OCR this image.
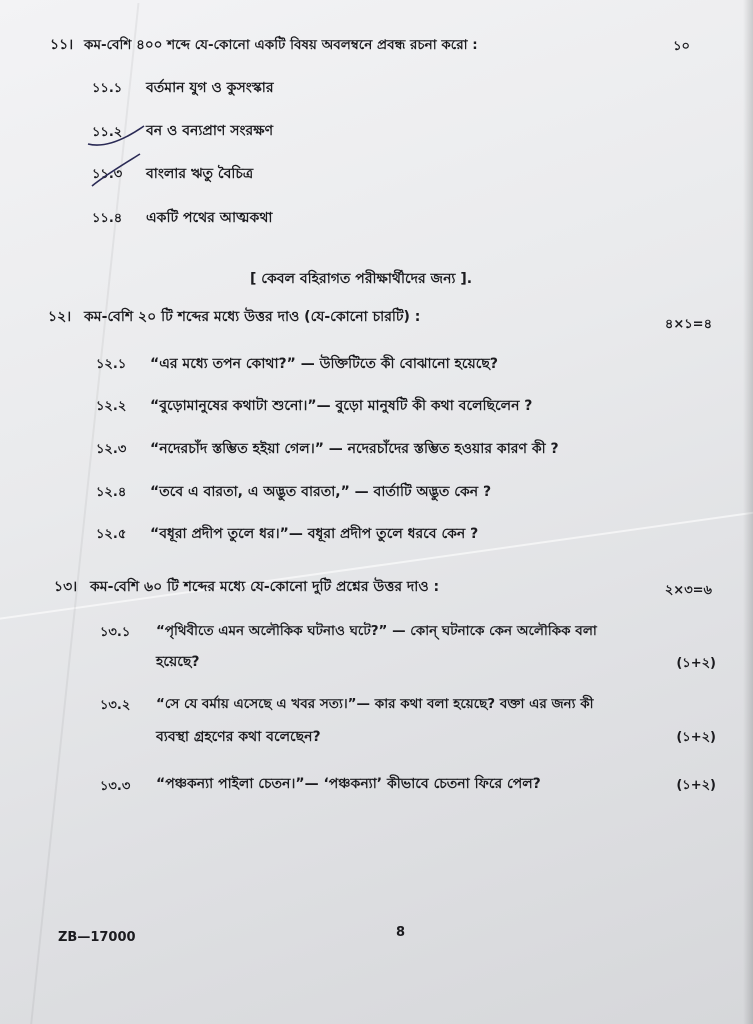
১১। কম-বেশি ৪০০ শব্দে যে-কোনো একটি বিষয় অবলম্বনে প্রবন্ধ রচনা করো :	১০
১১.১ বর্তমান যুগ ও কুসংস্কার
১১.২ বন ও বন্যপ্রাণ সংরক্ষণ
১১.৩ বাংলার ঋতু বৈচিত্র
১১.৪ একটি পথের আত্মকথা
[ কেবল বহিরাগত পরীক্ষার্থীদের জন্য ].
১২। কম-বেশি ২০ টি শব্দের মধ্যে উত্তর দাও (যে-কোনো চারটি) :	৪×১=৪
১২.১ “এর মধ্যে তপন কোথা?” — উক্তিটিতে কী বোঝানো হয়েছে?
১২.২ “বুড়োমানুষের কথাটা শুনো।”— বুড়ো মানুষটি কী কথা বলেছিলেন ?
১২.৩ “নদেরচাঁদ স্তম্ভিত হইয়া গেল।” — নদেরচাঁদের স্তম্ভিত হওয়ার কারণ কী ?
১২.৪ “তবে এ বারতা, এ অদ্ভুত বারতা,” — বার্তাটি অদ্ভুত কেন ?
১২.৫ “বধূরা প্রদীপ তুলে ধর।”— বধূরা প্রদীপ তুলে ধরবে কেন ?
১৩। কম-বেশি ৬০ টি শব্দের মধ্যে যে-কোনো দুটি প্রশ্নের উত্তর দাও :	২×৩=৬
১৩.১ “পৃথিবীতে এমন অলৌকিক ঘটনাও ঘটে?” — কোন্ ঘটনাকে কেন অলৌকিক বলা
হয়েছে?	(১+২)
১৩.২ “সে যে বর্মায় এসেছে এ খবর সত্য।”— কার কথা বলা হয়েছে? বক্তা এর জন্য কী
ব্যবস্থা গ্রহণের কথা বলেছেন?	(১+২)
১৩.৩ “পঞ্চকন্যা পাইলা চেতন।”— ‘পঞ্চকন্যা’ কীভাবে চেতনা ফিরে পেল?	(১+২)
ZB—17000	8
